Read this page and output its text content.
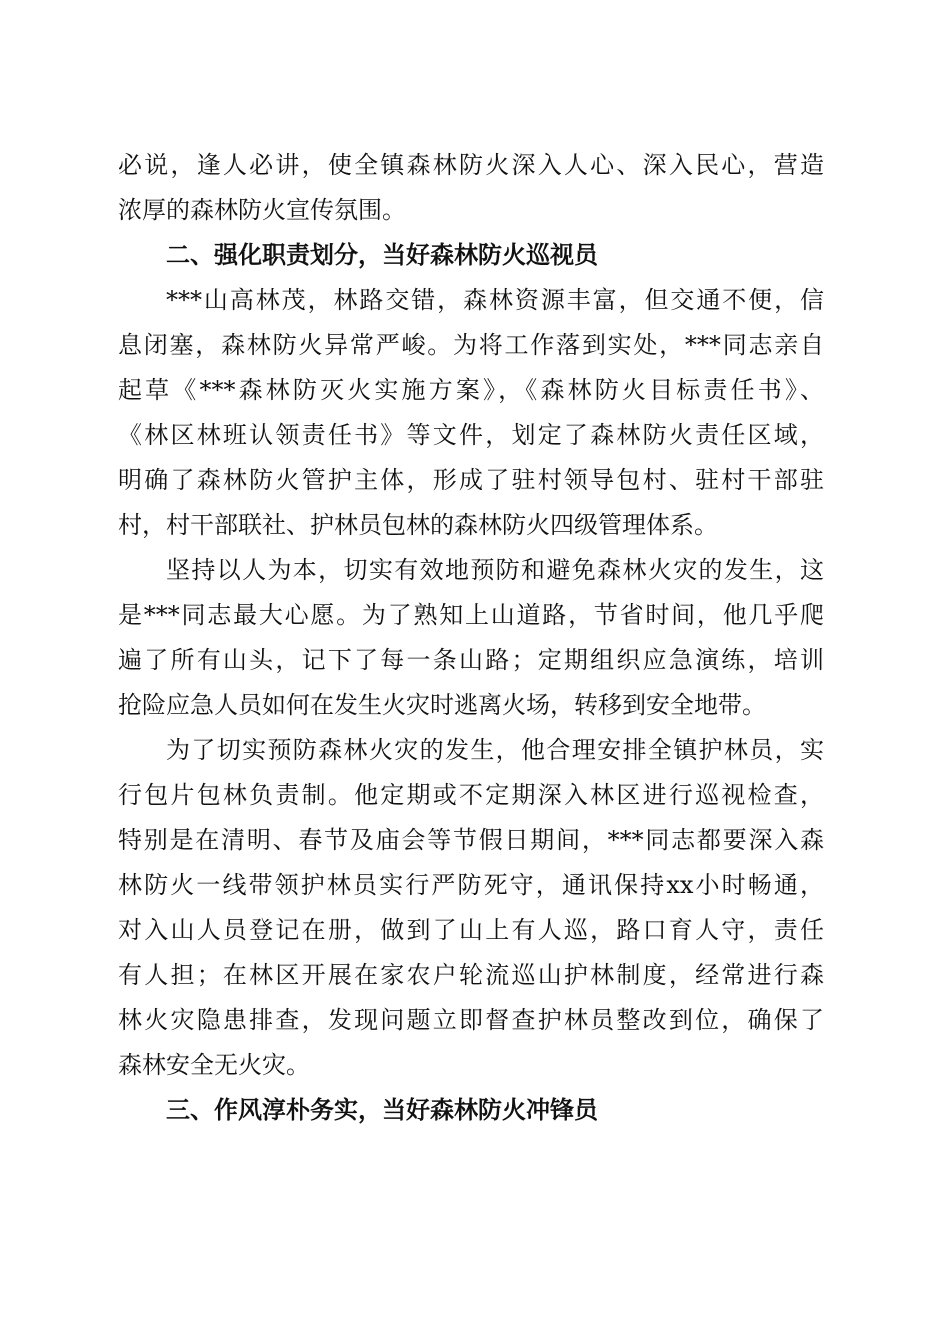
必说，逢人必讲，使全镇森林防火深入人心、深入民心，营造
浓厚的森林防火宣传氛围。
二、强化职责划分，当好森林防火巡视员
***山高林茂，林路交错，森林资源丰富，但交通不便，信
息闭塞，森林防火异常严峻。为将工作落到实处，***同志亲自
起草《***森林防灭火实施方案》，《森林防火目标责任书》、
《林区林班认领责任书》等文件，划定了森林防火责任区域，
明确了森林防火管护主体，形成了驻村领导包村、驻村干部驻
村，村干部联社、护林员包林的森林防火四级管理体系。
坚持以人为本，切实有效地预防和避免森林火灾的发生，这
是***同志最大心愿。为了熟知上山道路，节省时间，他几乎爬
遍了所有山头，记下了每一条山路；定期组织应急演练，培训
抢险应急人员如何在发生火灾时逃离火场，转移到安全地带。
为了切实预防森林火灾的发生，他合理安排全镇护林员，实
行包片包林负责制。他定期或不定期深入林区进行巡视检查，
特别是在清明、春节及庙会等节假日期间，***同志都要深入森
林防火一线带领护林员实行严防死守，通讯保持xx小时畅通，
对入山人员登记在册，做到了山上有人巡，路口育人守，责任
有人担；在林区开展在家农户轮流巡山护林制度，经常进行森
林火灾隐患排查，发现问题立即督查护林员整改到位，确保了
森林安全无火灾。
三、作风淳朴务实，当好森林防火冲锋员
